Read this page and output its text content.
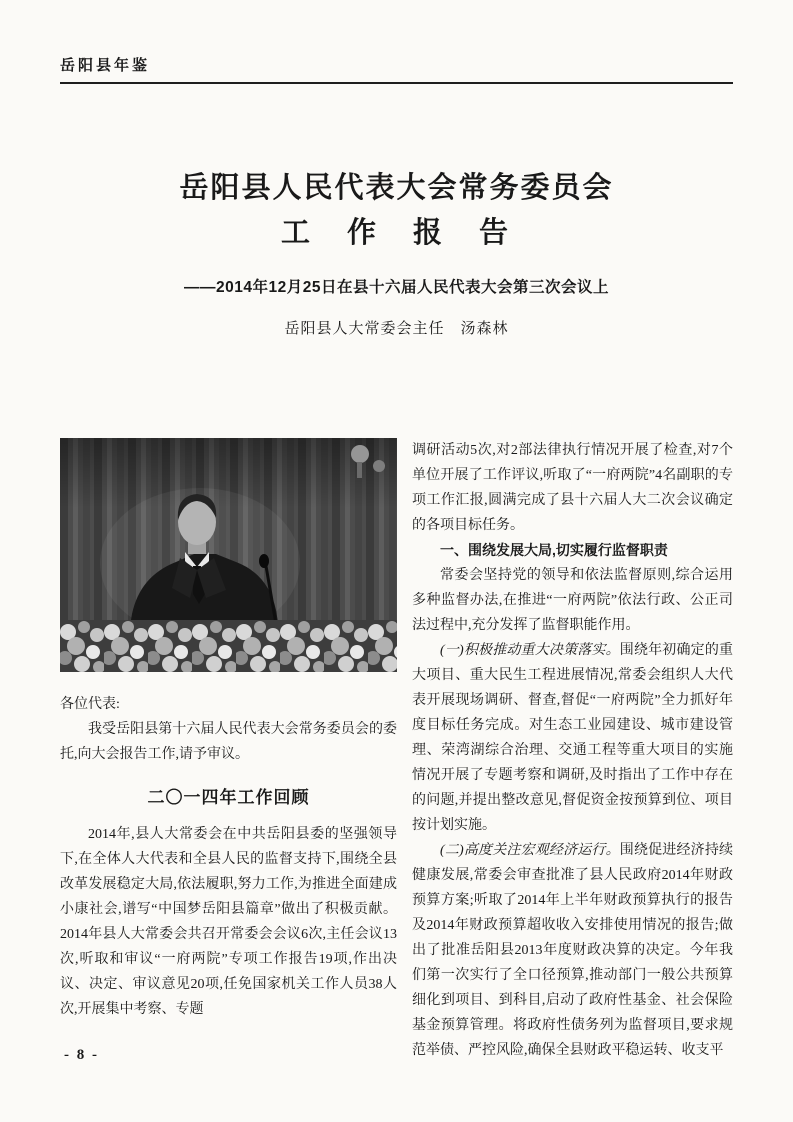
岳阳县年鉴
岳阳县人民代表大会常务委员会
工　作　报　告
——2014年12月25日在县十六届人民代表大会第三次会议上
岳阳县人大常委会主任　汤森林

各位代表:

我受岳阳县第十六届人民代表大会常务委员会的委托,向大会报告工作,请予审议。

二〇一四年工作回顾

2014年,县人大常委会在中共岳阳县委的坚强领导下,在全体人大代表和全县人民的监督支持下,围绕全县改革发展稳定大局,依法履职,努力工作,为推进全面建成小康社会,谱写“中国梦岳阳县篇章”做出了积极贡献。2014年县人大常委会共召开常委会会议6次,主任会议13次,听取和审议“一府两院”专项工作报告19项,作出决议、决定、审议意见20项,任免国家机关工作人员38人次,开展集中考察、专题

调研活动5次,对2部法律执行情况开展了检查,对7个单位开展了工作评议,听取了“一府两院”4名副职的专项工作汇报,圆满完成了县十六届人大二次会议确定的各项目标任务。

一、围绕发展大局,切实履行监督职责

常委会坚持党的领导和依法监督原则,综合运用多种监督办法,在推进“一府两院”依法行政、公正司法过程中,充分发挥了监督职能作用。

(一)积极推动重大决策落实。围绕年初确定的重大项目、重大民生工程进展情况,常委会组织人大代表开展现场调研、督查,督促“一府两院”全力抓好年度目标任务完成。对生态工业园建设、城市建设管理、荣湾湖综合治理、交通工程等重大项目的实施情况开展了专题考察和调研,及时指出了工作中存在的问题,并提出整改意见,督促资金按预算到位、项目按计划实施。

(二)高度关注宏观经济运行。围绕促进经济持续健康发展,常委会审查批准了县人民政府2014年财政预算方案;听取了2014年上半年财政预算执行的报告及2014年财政预算超收收入安排使用情况的报告;做出了批准岳阳县2013年度财政决算的决定。今年我们第一次实行了全口径预算,推动部门一般公共预算细化到项目、到科目,启动了政府性基金、社会保险基金预算管理。将政府性债务列为监督项目,要求规范举债、严控风险,确保全县财政平稳运转、收支平

- 8 -
